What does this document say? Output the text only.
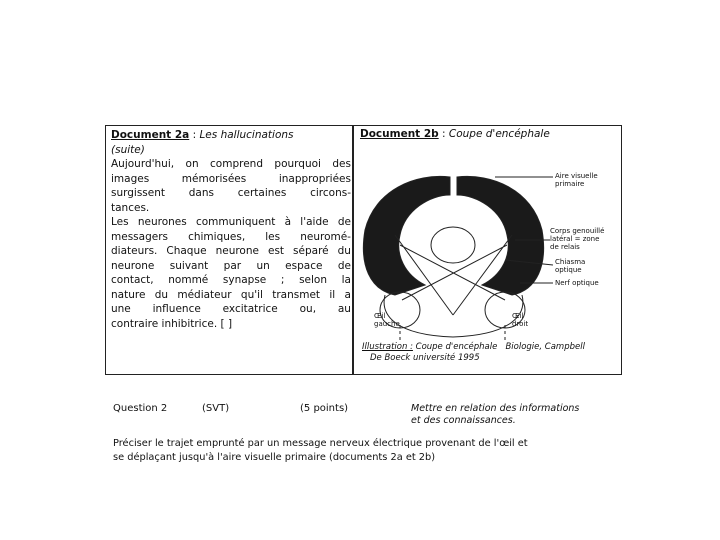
Document 2a : Les hallucinations
(suite)
Aujourd'hui, on comprend pourquoi des
images	mémorisées	inappropriées
surgissent dans certaines circons-
tances.
Les neurones communiquent à l'aide de
messagers chimiques, les neuromé-
diateurs. Chaque neurone est séparé du
neurone suivant par un espace de
contact, nommé synapse ; selon la
nature du médiateur qu'il transmet il a
une influence excitatrice ou, au
contraire inhibitrice. [ ]
Document 2b : Coupe d'encéphale
Aire visuelle
primaire
Corps genouillé
latéral = zone
de relais
Chiasma
optique
Nerf optique
Œil
gauche
Œil
droit
Illustration : Coupe d'encéphale Biologie, Campbell
De Boeck université 1995
Question 2	(SVT)	(5 points)	Mettre en relation des informations
et des connaissances.
Préciser le trajet emprunté par un message nerveux électrique provenant de l'œil et
se déplaçant jusqu'à l'aire visuelle primaire (documents 2a et 2b)
